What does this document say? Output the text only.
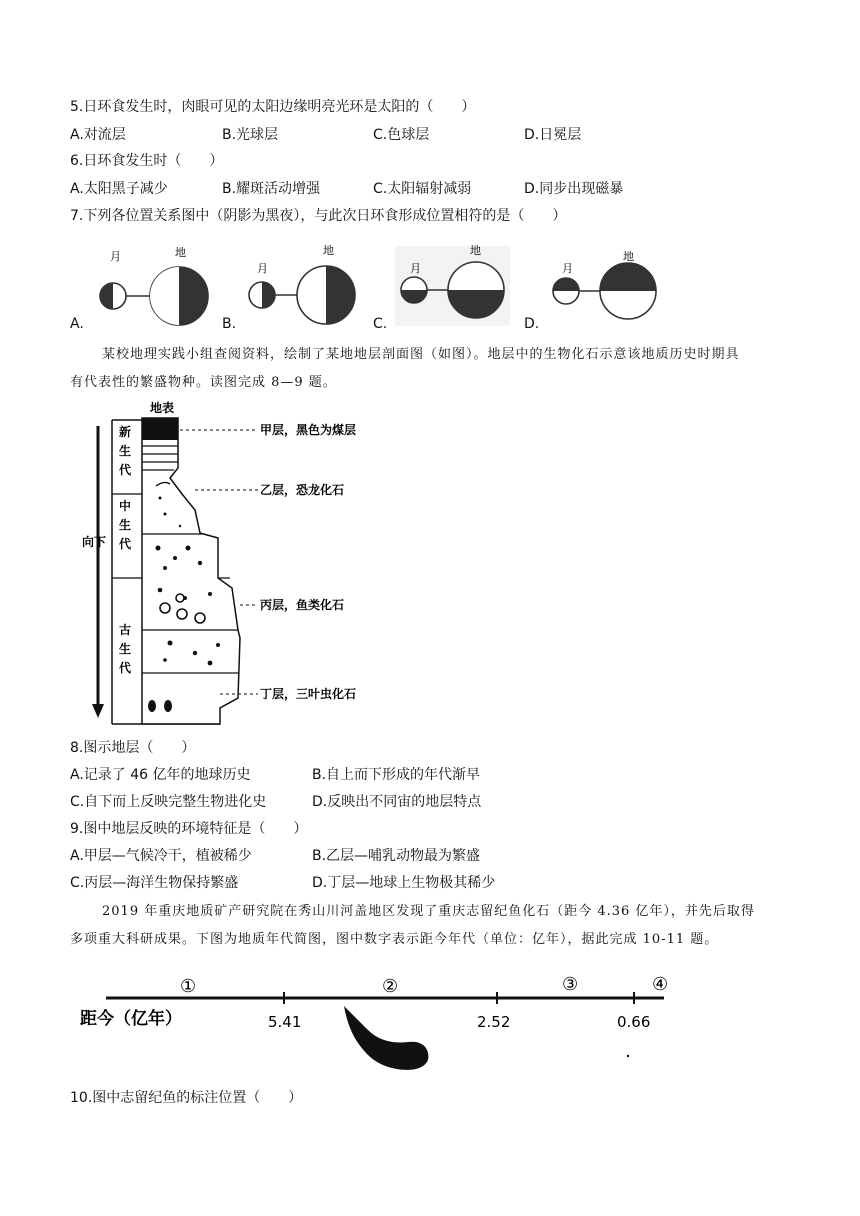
5.日环食发生时，肉眼可见的太阳边缘明亮光环是太阳的（　　）
A.对流层	B.光球层	C.色球层	D.日冕层
6.日环食发生时（　　）
A.太阳黑子减少	B.耀斑活动增强	C.太阳辐射减弱	D.同步出现磁暴
7.下列各位置关系图中（阴影为黑夜），与此次日环食形成位置相符的是（　　）
月	地
月
地
月
地
月
地
A.	B.	C.	D.
某校地理实践小组查阅资料，绘制了某地地层剖面图（如图）。地层中的生物化石示意该地质历史时期具
有代表性的繁盛物种。读图完成 8—9 题。
向下
新 生 代
中 生 代
古 生 代
地表
甲层，黑色为煤层
乙层，恐龙化石
丙层，鱼类化石
丁层，三叶虫化石
8.图示地层（　　）
A.记录了 46 亿年的地球历史	B.自上而下形成的年代渐早
C.自下而上反映完整生物进化史	D.反映出不同宙的地层特点
9.图中地层反映的环境特征是（　　）
A.甲层—气候冷干，植被稀少	B.乙层—哺乳动物最为繁盛
C.丙层—海洋生物保持繁盛	D.丁层—地球上生物极其稀少
2019 年重庆地质矿产研究院在秀山川河盖地区发现了重庆志留纪鱼化石（距今 4.36 亿年），并先后取得
多项重大科研成果。下图为地质年代简图，图中数字表示距今年代（单位：亿年），据此完成 10-11 题。
①	②	③	④
距今（亿年）	5.41	2.52	0.66
10.图中志留纪鱼的标注位置（　　）
